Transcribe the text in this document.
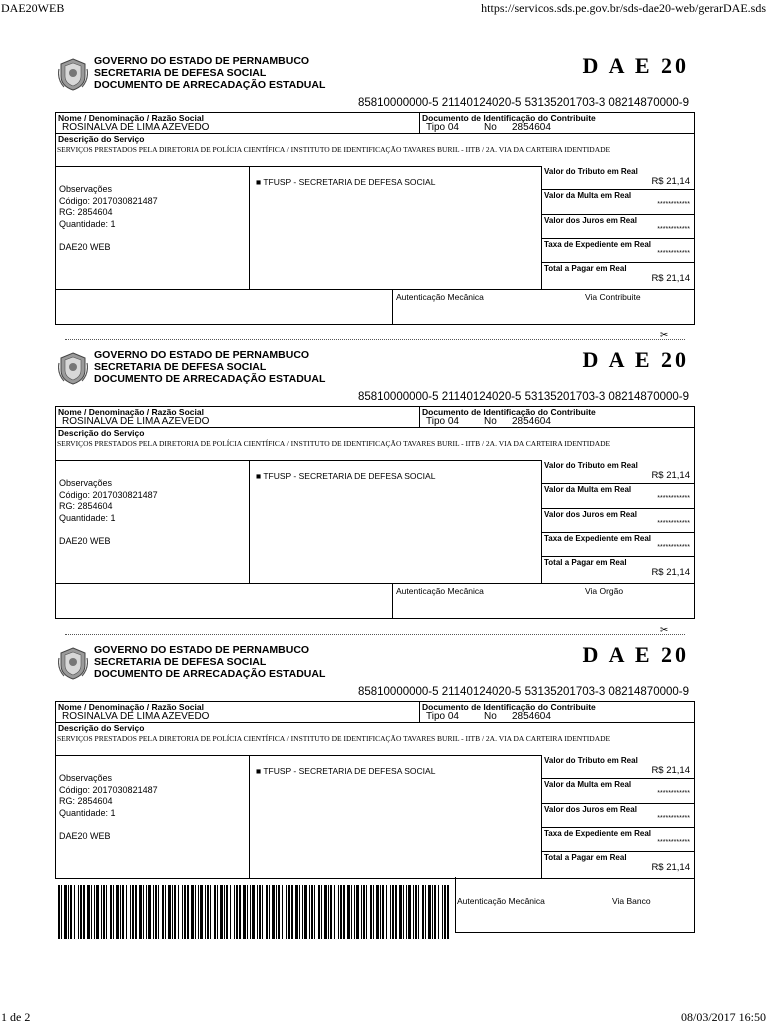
DAE20WEB	https://servicos.sds.pe.gov.br/sds-dae20-web/gerarDAE.sds
GOVERNO DO ESTADO DE PERNAMBUCO
SECRETARIA DE DEFESA SOCIAL
DOCUMENTO DE ARRECADAÇÃO ESTADUAL
D A E 20
85810000000-5 21140124020-5 53135201703-3 08214870000-9
Nome / Denominação / Razão Social
ROSINALVA DE LIMA AZEVEDO
Documento de Identificação do Contribuite
Tipo 04	No 2854604
Descrição do Serviço
SERVIÇOS PRESTADOS PELA DIRETORIA DE POLÍCIA CIENTÍFICA / INSTITUTO DE IDENTIFICAÇÃO TAVARES BURIL - IITB / 2A. VIA DA CARTEIRA IDENTIDADE
Observações
Código: 2017030821487
RG: 2854604
Quantidade: 1
DAE20 WEB
■ TFUSP - SECRETARIA DE DEFESA SOCIAL
Valor do Tributo em Real
R$ 21,14
Valor da Multa em Real
************
Valor dos Juros em Real
************
Taxa de Expediente em Real
************
Total a Pagar em Real
R$ 21,14
Autenticação Mecânica	Via Contribuite
GOVERNO DO ESTADO DE PERNAMBUCO
SECRETARIA DE DEFESA SOCIAL
DOCUMENTO DE ARRECADAÇÃO ESTADUAL
D A E 20
85810000000-5 21140124020-5 53135201703-3 08214870000-9
Nome / Denominação / Razão Social
ROSINALVA DE LIMA AZEVEDO
Documento de Identificação do Contribuite
Tipo 04	No 2854604
Descrição do Serviço
SERVIÇOS PRESTADOS PELA DIRETORIA DE POLÍCIA CIENTÍFICA / INSTITUTO DE IDENTIFICAÇÃO TAVARES BURIL - IITB / 2A. VIA DA CARTEIRA IDENTIDADE
Observações
Código: 2017030821487
RG: 2854604
Quantidade: 1
DAE20 WEB
■ TFUSP - SECRETARIA DE DEFESA SOCIAL
Valor do Tributo em Real
R$ 21,14
Valor da Multa em Real
************
Valor dos Juros em Real
************
Taxa de Expediente em Real
************
Total a Pagar em Real
R$ 21,14
Autenticação Mecânica	Via Orgão
GOVERNO DO ESTADO DE PERNAMBUCO
SECRETARIA DE DEFESA SOCIAL
DOCUMENTO DE ARRECADAÇÃO ESTADUAL
D A E 20
85810000000-5 21140124020-5 53135201703-3 08214870000-9
Nome / Denominação / Razão Social
ROSINALVA DE LIMA AZEVEDO
Documento de Identificação do Contribuite
Tipo 04	No 2854604
Descrição do Serviço
SERVIÇOS PRESTADOS PELA DIRETORIA DE POLÍCIA CIENTÍFICA / INSTITUTO DE IDENTIFICAÇÃO TAVARES BURIL - IITB / 2A. VIA DA CARTEIRA IDENTIDADE
Observações
Código: 2017030821487
RG: 2854604
Quantidade: 1
DAE20 WEB
■ TFUSP - SECRETARIA DE DEFESA SOCIAL
Valor do Tributo em Real
R$ 21,14
Valor da Multa em Real
************
Valor dos Juros em Real
************
Taxa de Expediente em Real
************
Total a Pagar em Real
R$ 21,14
Autenticação Mecânica	Via Banco
✂
✂
1 de 2	08/03/2017 16:50
